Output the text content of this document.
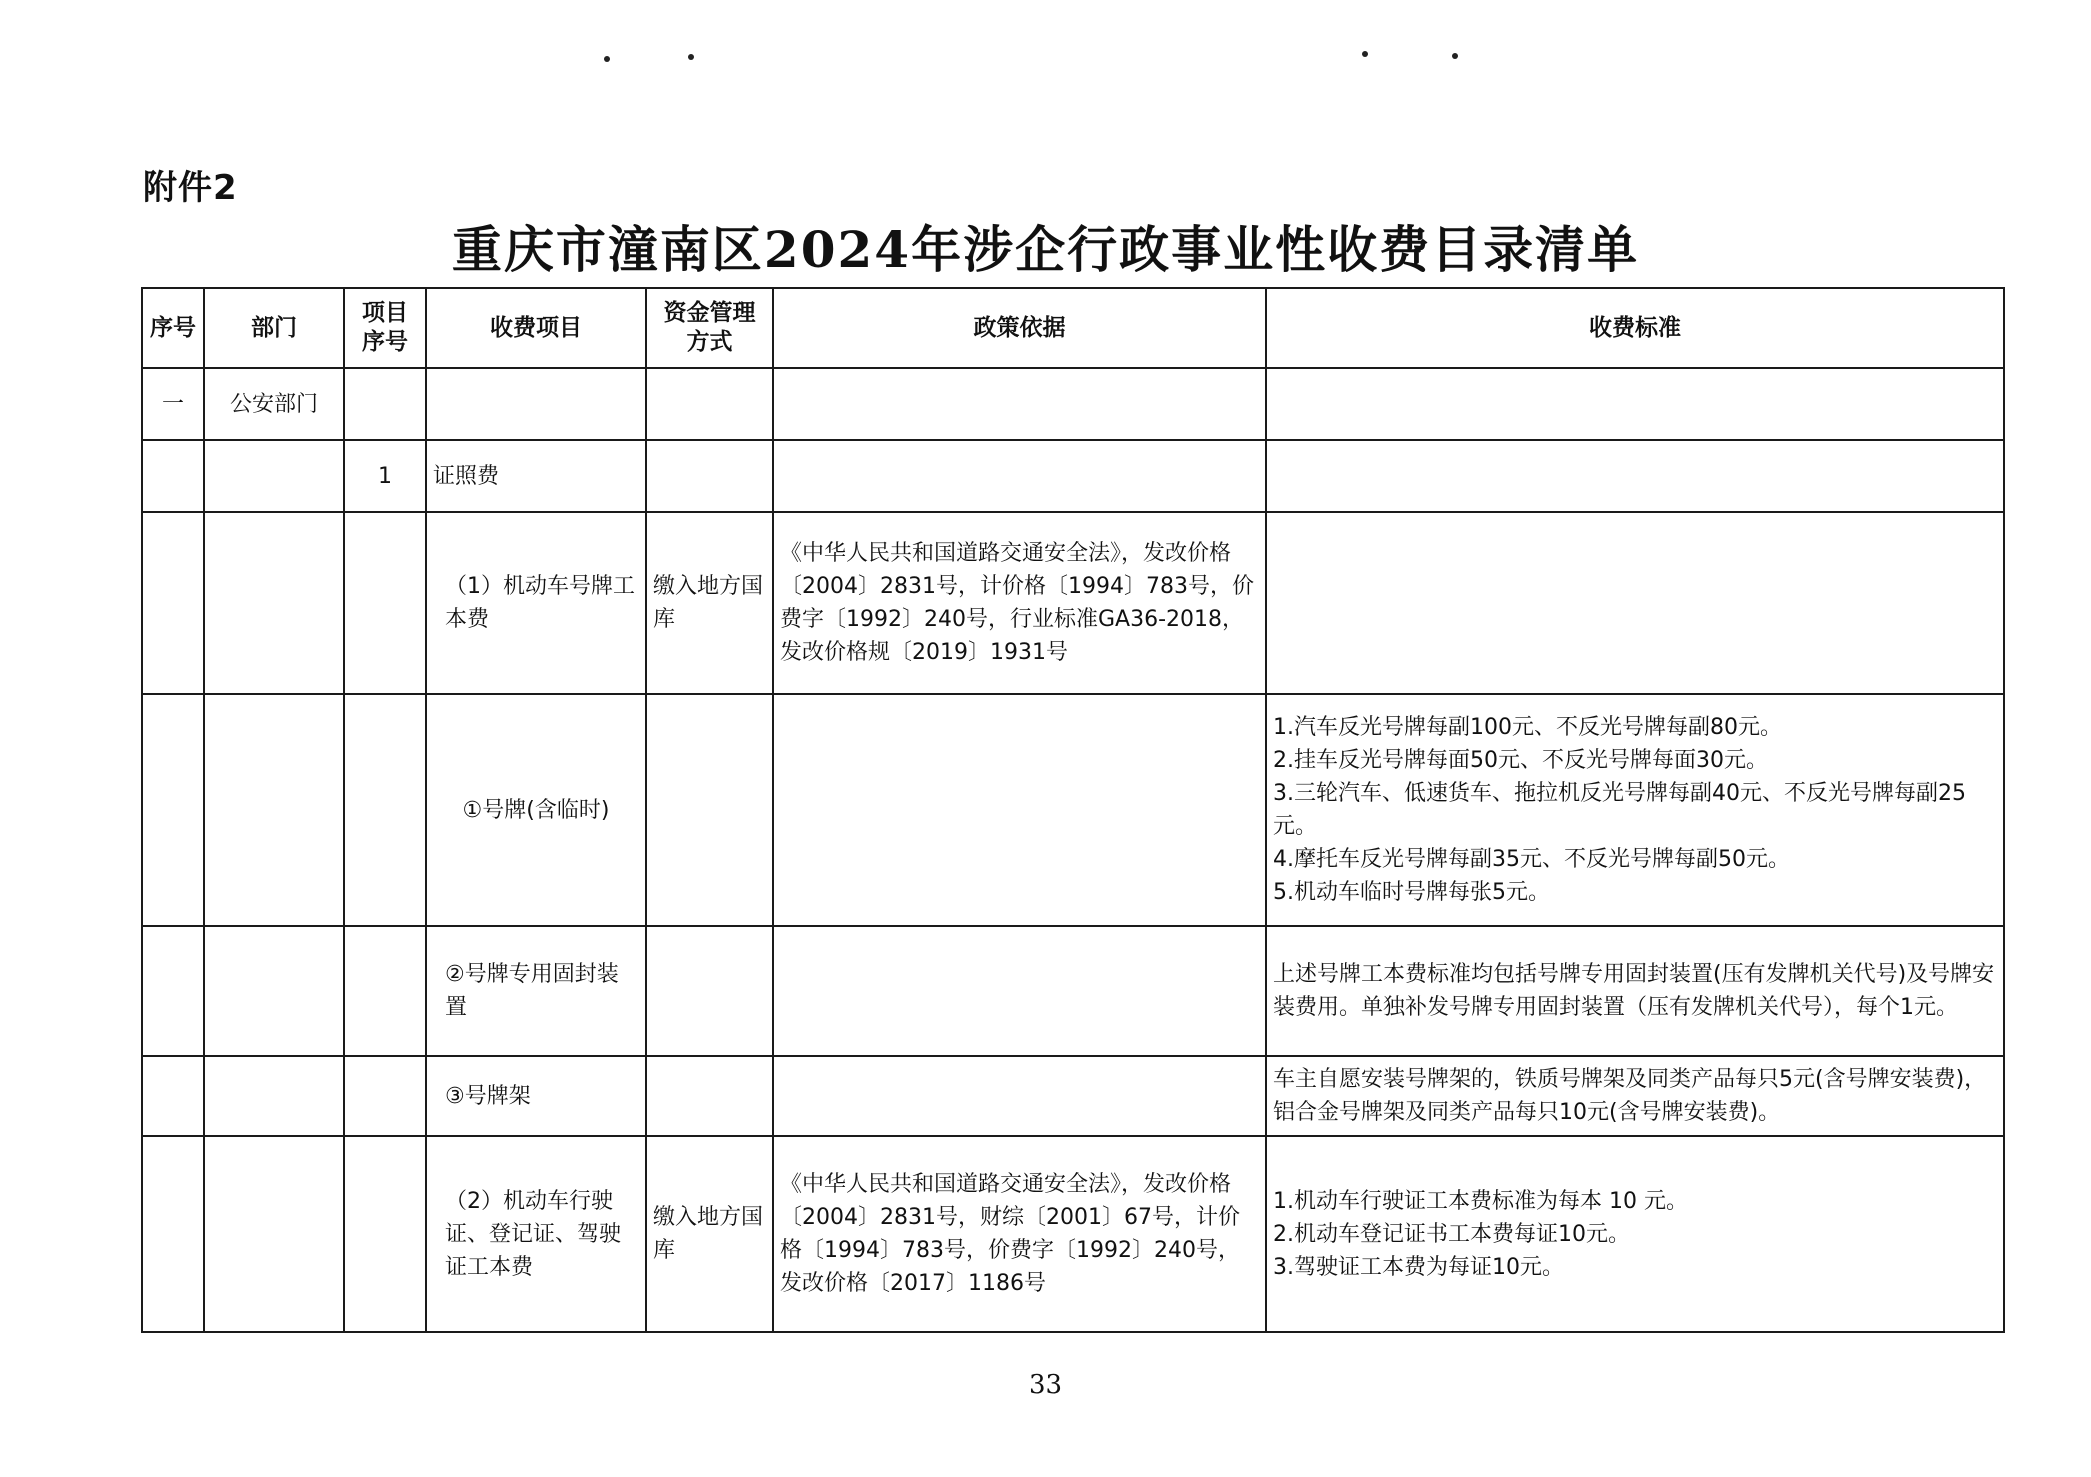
附件2
重庆市潼南区2024年涉企行政事业性收费目录清单
序号	部门	项目序号	收费项目	资金管理方式	政策依据	收费标准
一	公安部门					
		1	证照费			
			（1）机动车号牌工本费	缴入地方国库	《中华人民共和国道路交通安全法》，发改价格〔2004〕2831号，计价格〔1994〕783号，价费字〔1992〕240号，行业标准GA36-2018，发改价格规〔2019〕1931号	
			①号牌(含临时)			1.汽车反光号牌每副100元、不反光号牌每副80元。
2.挂车反光号牌每面50元、不反光号牌每面30元。
3.三轮汽车、低速货车、拖拉机反光号牌每副40元、不反光号牌每副25元。
4.摩托车反光号牌每副35元、不反光号牌每副50元。
5.机动车临时号牌每张5元。

			②号牌专用固封装置			上述号牌工本费标准均包括号牌专用固封装置(压有发牌机关代号)及号牌安装费用。单独补发号牌专用固封装置（压有发牌机关代号），每个1元。
			③号牌架			车主自愿安装号牌架的，铁质号牌架及同类产品每只5元(含号牌安装费)，铝合金号牌架及同类产品每只10元(含号牌安装费)。
			（2）机动车行驶证、登记证、驾驶证工本费	缴入地方国库	《中华人民共和国道路交通安全法》，发改价格〔2004〕2831号，财综〔2001〕67号，计价格〔1994〕783号，价费字〔1992〕240号，发改价格〔2017〕1186号	1.机动车行驶证工本费标准为每本 10 元。
2.机动车登记证书工本费每证10元。
3.驾驶证工本费为每证10元。
33
